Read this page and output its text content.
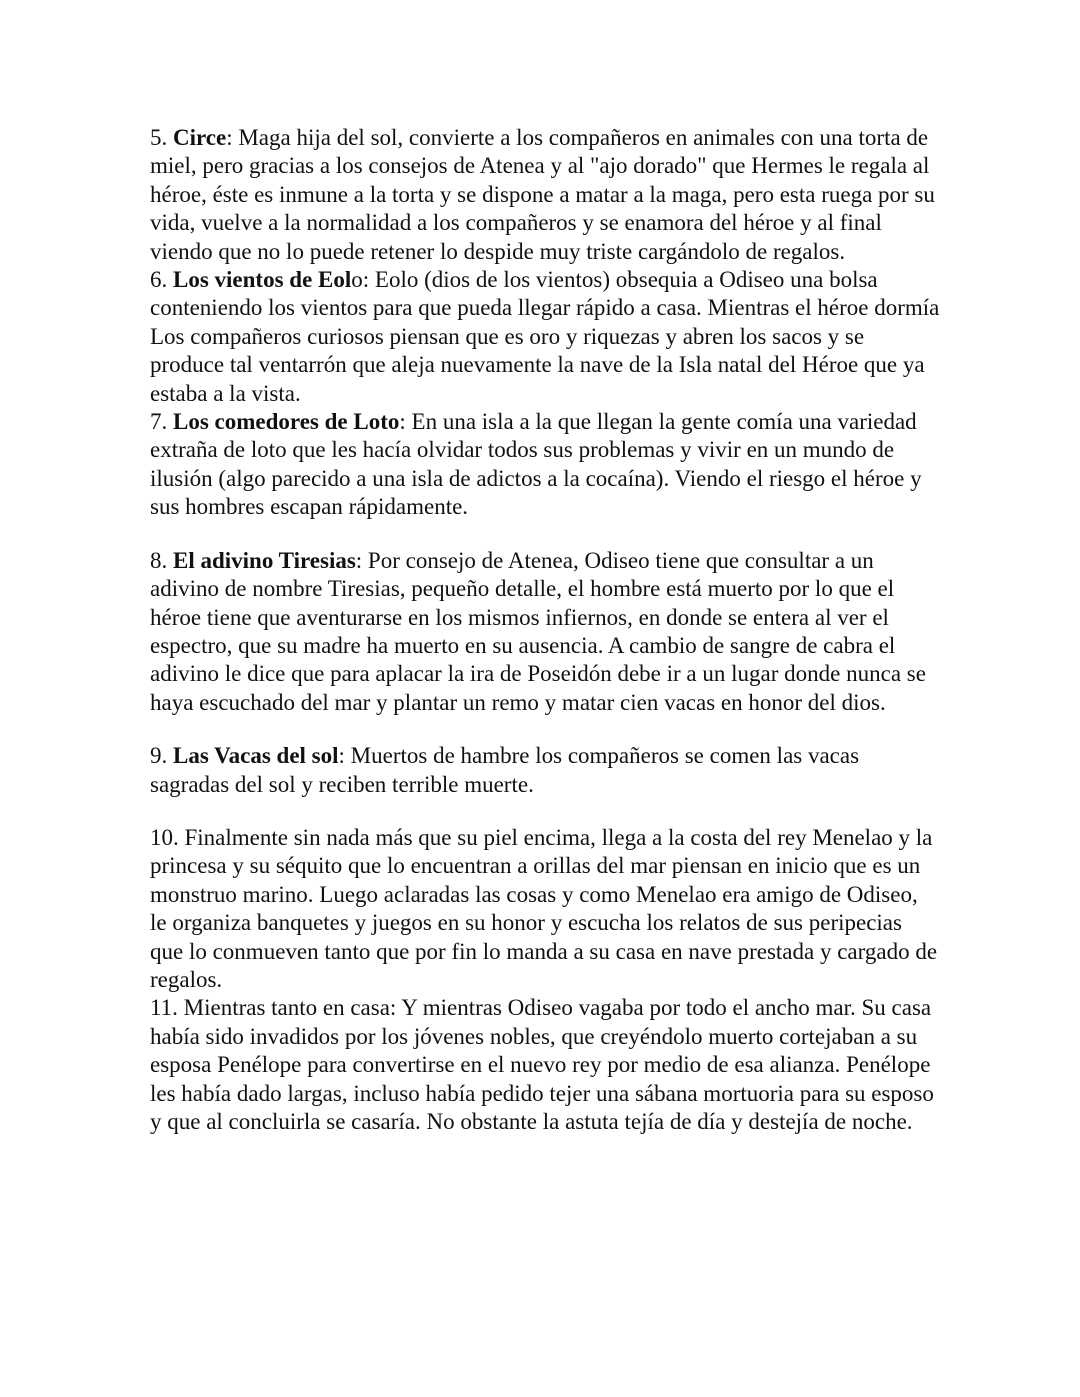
5. Circe: Maga hija del sol, convierte a los compañeros en animales con una torta de miel, pero gracias a los consejos de Atenea y al "ajo dorado" que Hermes le regala al héroe, éste es inmune a la torta y se dispone a matar a la maga, pero esta ruega por su vida, vuelve a la normalidad a los compañeros y se enamora del héroe y al final viendo que no lo puede retener lo despide muy triste cargándolo de regalos.

6. Los vientos de Eolo: Eolo (dios de los vientos) obsequia a Odiseo una bolsa conteniendo los vientos para que pueda llegar rápido a casa. Mientras el héroe dormía Los compañeros curiosos piensan que es oro y riquezas y abren los sacos y se produce tal ventarrón que aleja nuevamente la nave de la Isla natal del Héroe que ya estaba a la vista.

7. Los comedores de Loto: En una isla a la que llegan la gente comía una variedad extraña de loto que les hacía olvidar todos sus problemas y vivir en un mundo de ilusión (algo parecido a una isla de adictos a la cocaína). Viendo el riesgo el héroe y sus hombres escapan rápidamente.

8. El adivino Tiresias: Por consejo de Atenea, Odiseo tiene que consultar a un adivino de nombre Tiresias, pequeño detalle, el hombre está muerto por lo que el héroe tiene que aventurarse en los mismos infiernos, en donde se entera al ver el espectro, que su madre ha muerto en su ausencia. A cambio de sangre de cabra el adivino le dice que para aplacar la ira de Poseidón debe ir a un lugar donde nunca se haya escuchado del mar y plantar un remo y matar cien vacas en honor del dios.

9. Las Vacas del sol: Muertos de hambre los compañeros se comen las vacas sagradas del sol y reciben terrible muerte.

10. Finalmente sin nada más que su piel encima, llega a la costa del rey Menelao y la princesa y su séquito que lo encuentran a orillas del mar piensan en inicio que es un monstruo marino. Luego aclaradas las cosas y como Menelao era amigo de Odiseo, le organiza banquetes y juegos en su honor y escucha los relatos de sus peripecias que lo conmueven tanto que por fin lo manda a su casa en nave prestada y cargado de regalos.

11. Mientras tanto en casa: Y mientras Odiseo vagaba por todo el ancho mar. Su casa había sido invadidos por los jóvenes nobles, que creyéndolo muerto cortejaban a su esposa Penélope para convertirse en el nuevo rey por medio de esa alianza. Penélope les había dado largas, incluso había pedido tejer una sábana mortuoria para su esposo y que al concluirla se casaría. No obstante la astuta tejía de día y destejía de noche.
